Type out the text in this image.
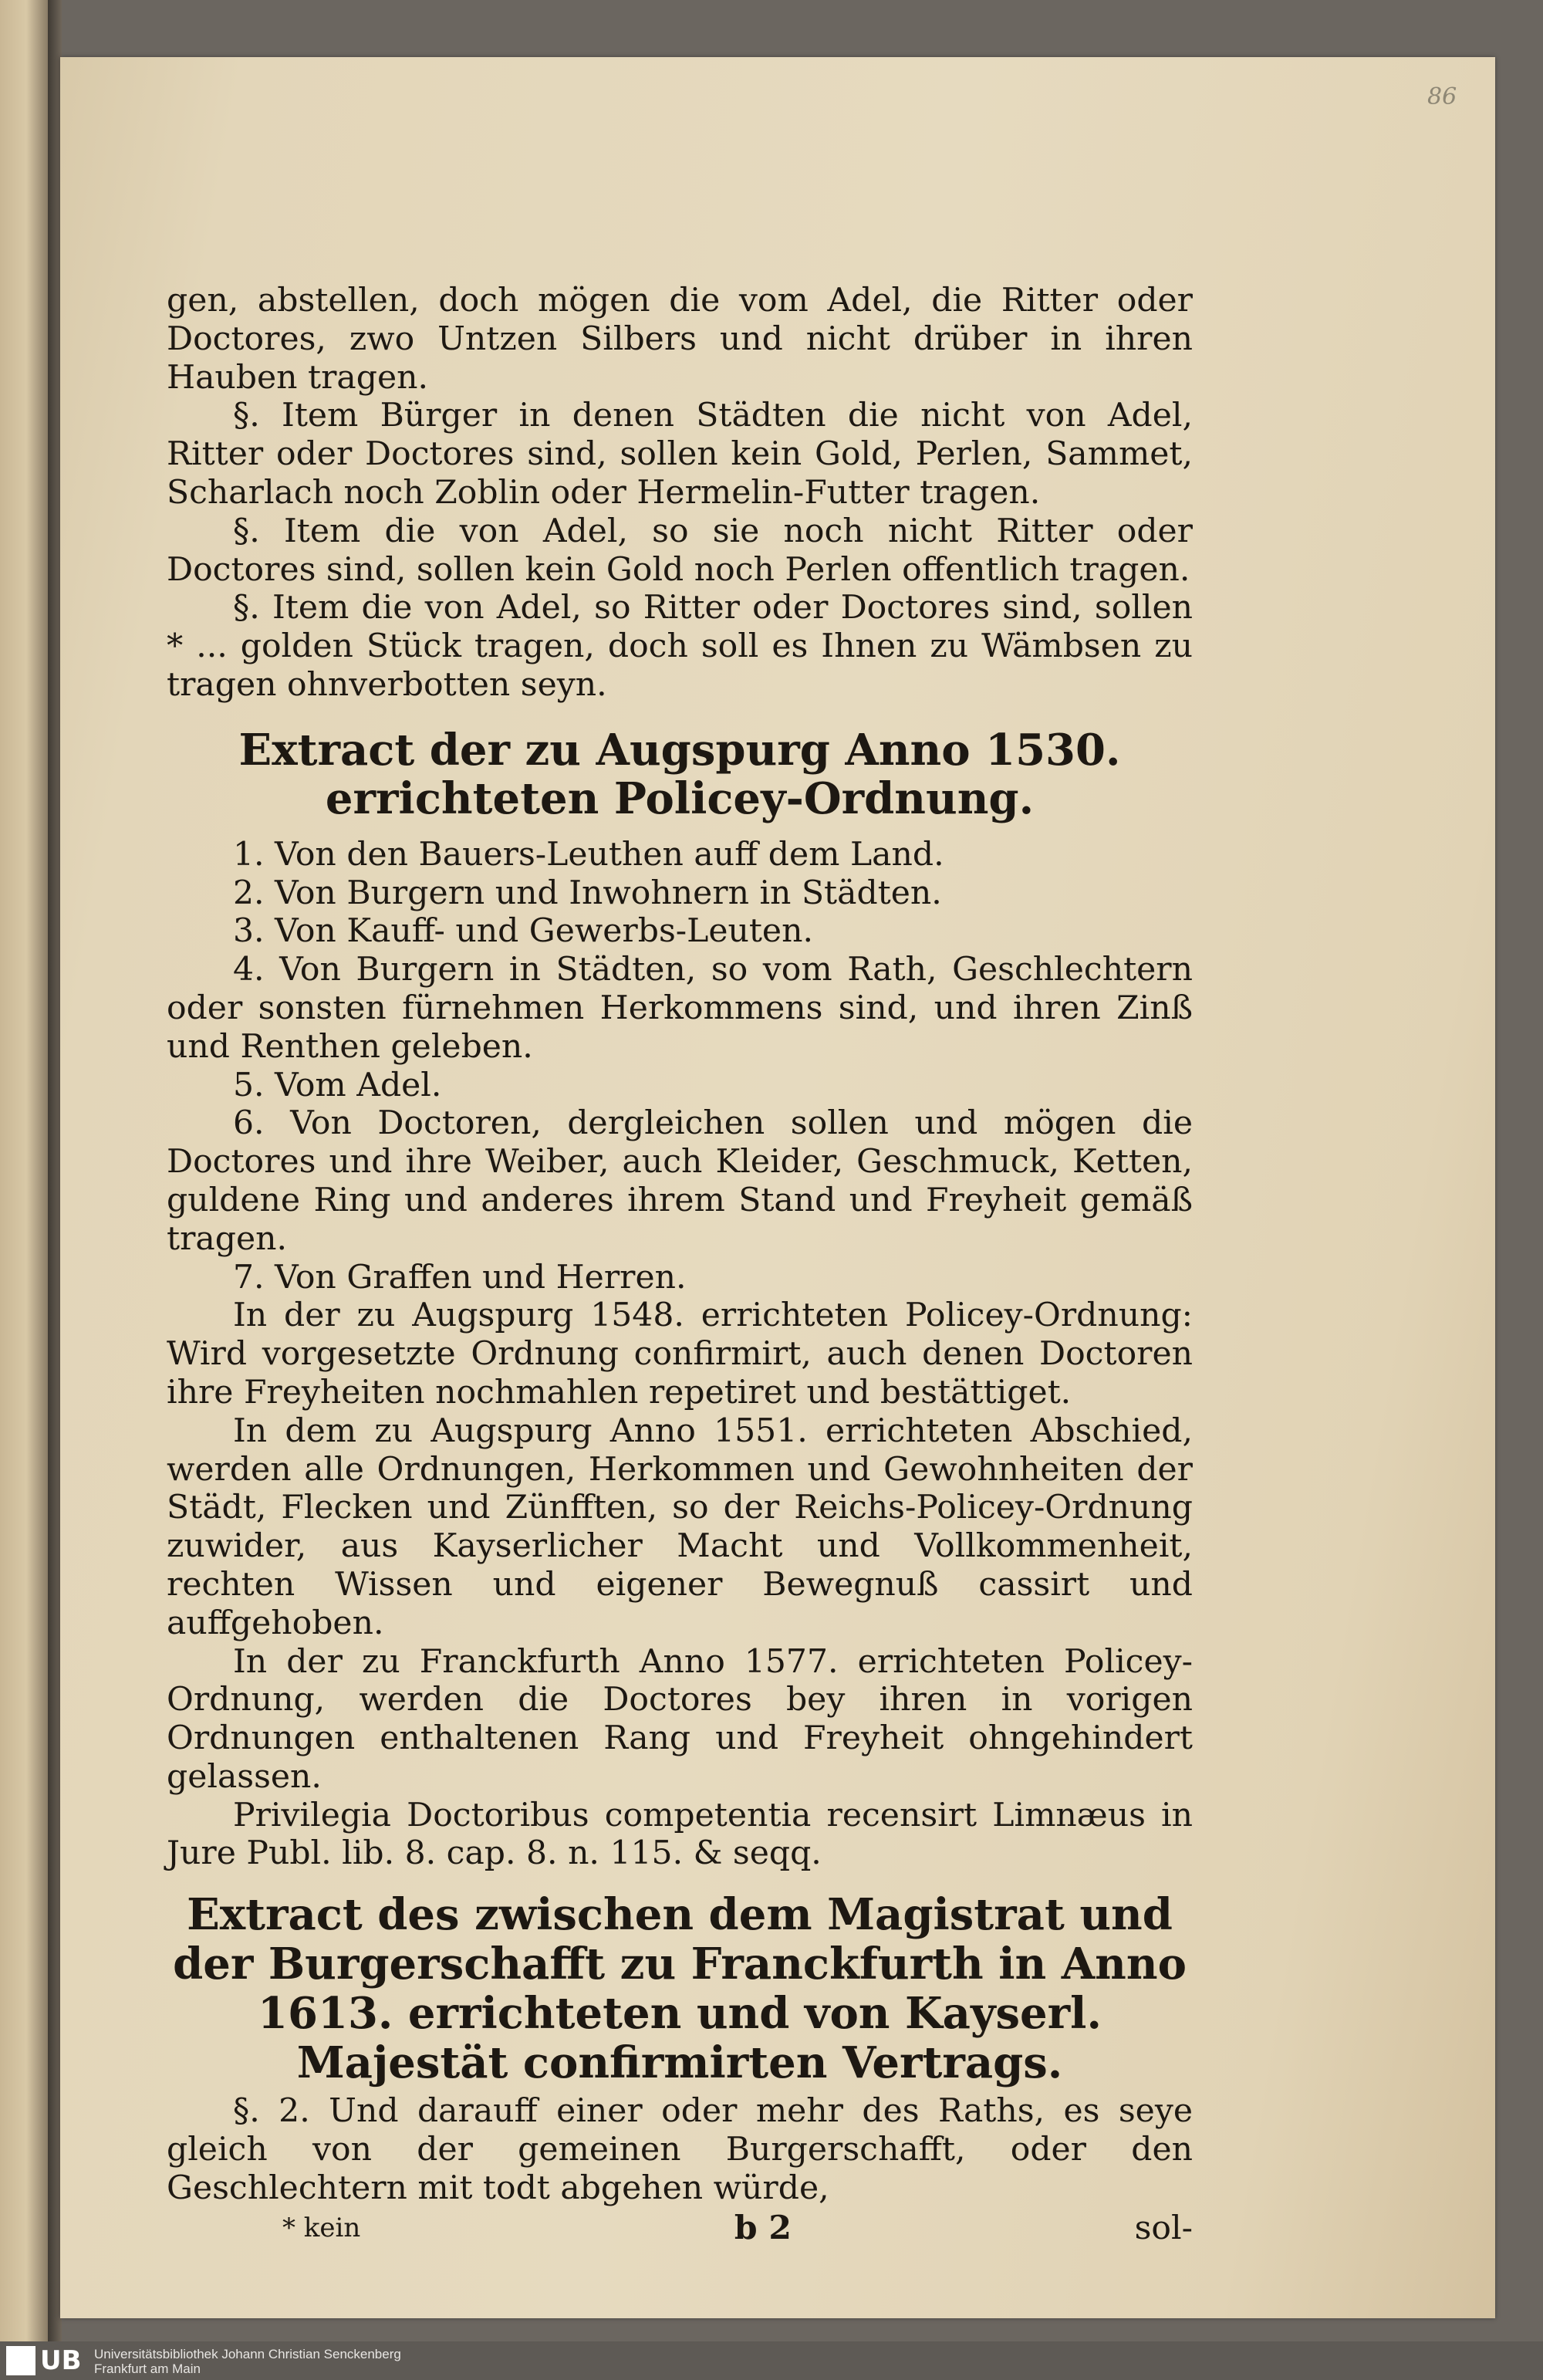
86

gen, abstellen, doch mögen die vom Adel, die Ritter oder Doctores, zwo Untzen Silbers und nicht drüber in ihren Hauben tragen.

§. Item Bürger in denen Städten die nicht von Adel, Ritter oder Doctores sind, sollen kein Gold, Perlen, Sammet, Scharlach noch Zoblin oder Hermelin-Futter tragen.

§. Item die von Adel, so sie noch nicht Ritter oder Doctores sind, sollen kein Gold noch Perlen offentlich tragen.

§. Item die von Adel, so Ritter oder Doctores sind, sollen * ... golden Stück tragen, doch soll es Ihnen zu Wämbsen zu tragen ohnverbotten seyn.

Extract der zu Augspurg Anno 1530. errichteten Policey-Ordnung.

1. Von den Bauers-Leuthen auff dem Land.

2. Von Burgern und Inwohnern in Städten.

3. Von Kauff- und Gewerbs-Leuten.

4. Von Burgern in Städten, so vom Rath, Geschlechtern oder sonsten fürnehmen Herkommens sind, und ihren Zinß und Renthen geleben.

5. Vom Adel.

6. Von Doctoren, dergleichen sollen und mögen die Doctores und ihre Weiber, auch Kleider, Geschmuck, Ketten, guldene Ring und anderes ihrem Stand und Freyheit gemäß tragen.

7. Von Graffen und Herren.

In der zu Augspurg 1548. errichteten Policey-Ordnung: Wird vorgesetzte Ordnung confirmirt, auch denen Doctoren ihre Freyheiten nochmahlen repetiret und bestättiget.

In dem zu Augspurg Anno 1551. errichteten Abschied, werden alle Ordnungen, Herkommen und Gewohnheiten der Städt, Flecken und Zünfften, so der Reichs-Policey-Ordnung zuwider, aus Kayserlicher Macht und Vollkommenheit, rechten Wissen und eigener Bewegnuß cassirt und auffgehoben.

In der zu Franckfurth Anno 1577. errichteten Policey-Ordnung, werden die Doctores bey ihren in vorigen Ordnungen enthaltenen Rang und Freyheit ohngehindert gelassen.

Privilegia Doctoribus competentia recensirt Limnæus in Jure Publ. lib. 8. cap. 8. n. 115. & seqq.

Extract des zwischen dem Magistrat und der Burgerschafft zu Franckfurth in Anno 1613. errichteten und von Kayserl. Majestät confirmirten Vertrags.

§. 2. Und darauff einer oder mehr des Raths, es seye gleich von der gemeinen Burgerschafft, oder den Geschlechtern mit todt abgehen würde,

* kein	b 2	sol-

UB Universitätsbibliothek Johann Christian Senckenberg
Frankfurt am Main
